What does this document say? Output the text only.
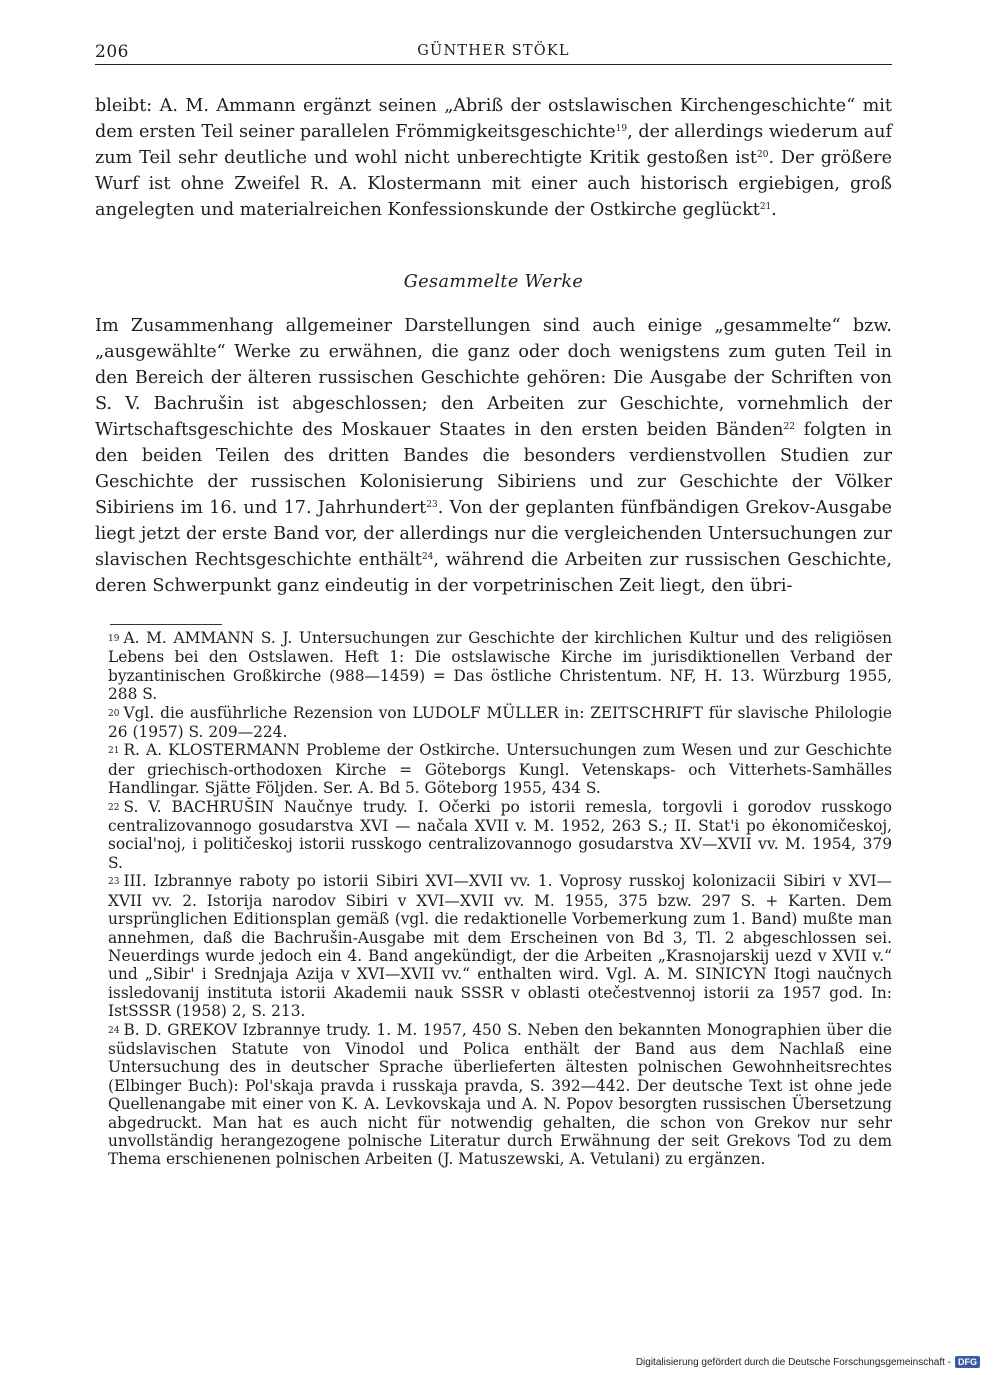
206	GÜNTHER STÖKL

bleibt: A. M. Ammann ergänzt seinen „Abriß der ostslawischen Kirchengeschichte“ mit dem ersten Teil seiner parallelen Frömmigkeitsgeschichte$^{19}$, der allerdings wiederum auf zum Teil sehr deutliche und wohl nicht unberechtigte Kritik gestoßen ist$^{20}$. Der größere Wurf ist ohne Zweifel R. A. Klostermann mit einer auch historisch ergiebigen, groß angelegten und materialreichen Konfessionskunde der Ostkirche geglückt$^{21}$.

Gesammelte Werke

Im Zusammenhang allgemeiner Darstellungen sind auch einige „gesammelte“ bzw. „ausgewählte“ Werke zu erwähnen, die ganz oder doch wenigstens zum guten Teil in den Bereich der älteren russischen Geschichte gehören: Die Ausgabe der Schriften von S. V. Bachrušin ist abgeschlossen; den Arbeiten zur Geschichte, vornehmlich der Wirtschaftsgeschichte des Moskauer Staates in den ersten beiden Bänden$^{22}$ folgten in den beiden Teilen des dritten Bandes die besonders verdienstvollen Studien zur Geschichte der russischen Kolonisierung Sibiriens und zur Geschichte der Völker Sibiriens im 16. und 17. Jahrhundert$^{23}$. Von der geplanten fünfbändigen Grekov-Ausgabe liegt jetzt der erste Band vor, der allerdings nur die vergleichenden Untersuchungen zur slavischen Rechtsgeschichte enthält$^{24}$, während die Arbeiten zur russischen Geschichte, deren Schwerpunkt ganz eindeutig in der vorpetrinischen Zeit liegt, den übri-

19 A. M. AMMANN S. J. Untersuchungen zur Geschichte der kirchlichen Kultur und des religiösen Lebens bei den Ostslawen. Heft 1: Die ostslawische Kirche im jurisdiktionellen Verband der byzantinischen Großkirche (988—1459) = Das östliche Christentum. NF, H. 13. Würzburg 1955, 288 S.

20 Vgl. die ausführliche Rezension von LUDOLF MÜLLER in: ZEITSCHRIFT für slavische Philologie 26 (1957) S. 209—224.

21 R. A. KLOSTERMANN Probleme der Ostkirche. Untersuchungen zum Wesen und zur Geschichte der griechisch-orthodoxen Kirche = Göteborgs Kungl. Vetenskaps- och Vitterhets-Samhälles Handlingar. Sjätte Följden. Ser. A. Bd 5. Göteborg 1955, 434 S.

22 S. V. BACHRUŠIN Naučnye trudy. I. Očerki po istorii remesla, torgovli i gorodov russkogo centralizovannogo gosudarstva XVI — načala XVII v. M. 1952, 263 S.; II. Stat'i po ėkonomičeskoj, social'noj, i političeskoj istorii russkogo centralizovannogo gosudarstva XV—XVII vv. M. 1954, 379 S.

23 III. Izbrannye raboty po istorii Sibiri XVI—XVII vv. 1. Voprosy russkoj kolonizacii Sibiri v XVI—XVII vv. 2. Istorija narodov Sibiri v XVI—XVII vv. M. 1955, 375 bzw. 297 S. + Karten. Dem ursprünglichen Editionsplan gemäß (vgl. die redaktionelle Vorbemerkung zum 1. Band) mußte man annehmen, daß die Bachrušin-Ausgabe mit dem Erscheinen von Bd 3, Tl. 2 abgeschlossen sei. Neuerdings wurde jedoch ein 4. Band angekündigt, der die Arbeiten „Krasnojarskij uezd v XVII v.“ und „Sibir' i Srednjaja Azija v XVI—XVII vv.“ enthalten wird. Vgl. A. M. SINICYN Itogi naučnych issledovanij instituta istorii Akademii nauk SSSR v oblasti otečestvennoj istorii za 1957 god. In: IstSSSR (1958) 2, S. 213.

24 B. D. GREKOV Izbrannye trudy. 1. M. 1957, 450 S. Neben den bekannten Monographien über die südslavischen Statute von Vinodol und Polica enthält der Band aus dem Nachlaß eine Untersuchung des in deutscher Sprache überlieferten ältesten polnischen Gewohnheitsrechtes (Elbinger Buch): Pol'skaja pravda i russkaja pravda, S. 392—442. Der deutsche Text ist ohne jede Quellenangabe mit einer von K. A. Levkovskaja und A. N. Popov besorgten russischen Übersetzung abgedruckt. Man hat es auch nicht für notwendig gehalten, die schon von Grekov nur sehr unvollständig herangezogene polnische Literatur durch Erwähnung der seit Grekovs Tod zu dem Thema erschienenen polnischen Arbeiten (J. Matuszewski, A. Vetulani) zu ergänzen.

Digitalisierung gefördert durch die Deutsche Forschungsgemeinschaft - DFG
